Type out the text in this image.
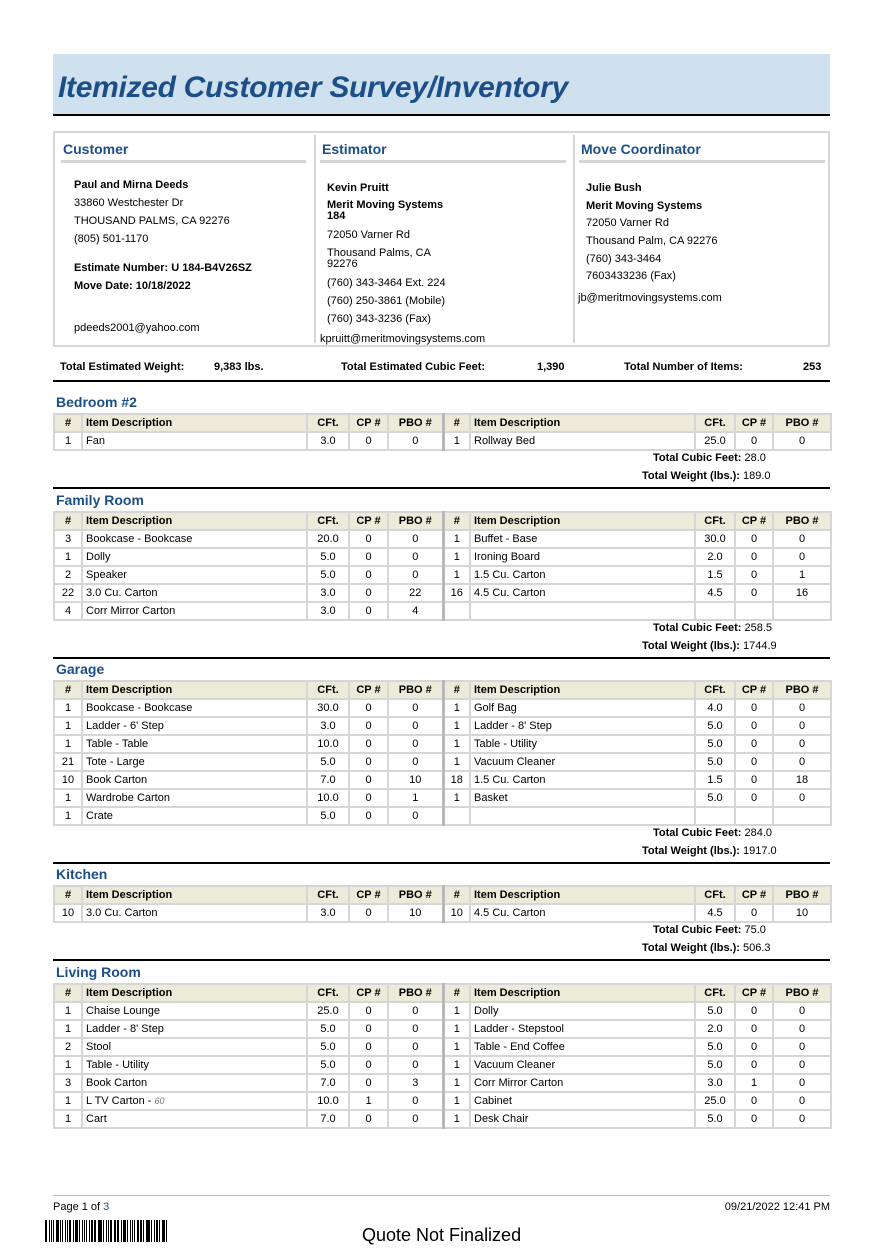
Itemized Customer Survey/Inventory
Customer
Paul and Mirna Deeds
33860 Westchester Dr
THOUSAND PALMS, CA 92276
(805) 501-1170
Estimate Number: U 184-B4V26SZ
Move Date: 10/18/2022
pdeeds2001@yahoo.com
Estimator
Kevin Pruitt
Merit Moving Systems
184
72050 Varner Rd
Thousand Palms, CA
92276
(760) 343-3464 Ext. 224
(760) 250-3861 (Mobile)
(760) 343-3236 (Fax)
kpruitt@meritmovingsystems.com
Move Coordinator
Julie Bush
Merit Moving Systems
72050 Varner Rd
Thousand Palm, CA 92276
(760) 343-3464
7603433236 (Fax)
jb@meritmovingsystems.com
Total Estimated Weight:	9,383 lbs.	Total Estimated Cubic Feet:	1,390	Total Number of Items:	253
Bedroom #2
#	Item Description	CFt.	CP #	PBO #	#	Item Description	CFt.	CP #	PBO #
1	Fan	3.0	0	0	1	Rollway Bed	25.0	0	0
Total Cubic Feet: 28.0
Total Weight (lbs.): 189.0
Family Room
#	Item Description	CFt.	CP #	PBO #	#	Item Description	CFt.	CP #	PBO #
3	Bookcase - Bookcase	20.0	0	0	1	Buffet - Base	30.0	0	0
1	Dolly	5.0	0	0	1	Ironing Board	2.0	0	0
2	Speaker	5.0	0	0	1	1.5 Cu. Carton	1.5	0	1
22	3.0 Cu. Carton	3.0	0	22	16	4.5 Cu. Carton	4.5	0	16
4	Corr Mirror Carton	3.0	0	4					
Total Cubic Feet: 258.5
Total Weight (lbs.): 1744.9
Garage
#	Item Description	CFt.	CP #	PBO #	#	Item Description	CFt.	CP #	PBO #
1	Bookcase - Bookcase	30.0	0	0	1	Golf Bag	4.0	0	0
1	Ladder - 6' Step	3.0	0	0	1	Ladder - 8' Step	5.0	0	0
1	Table - Table	10.0	0	0	1	Table - Utility	5.0	0	0
21	Tote - Large	5.0	0	0	1	Vacuum Cleaner	5.0	0	0
10	Book Carton	7.0	0	10	18	1.5 Cu. Carton	1.5	0	18
1	Wardrobe Carton	10.0	0	1	1	Basket	5.0	0	0
1	Crate	5.0	0	0					
Total Cubic Feet: 284.0
Total Weight (lbs.): 1917.0
Kitchen
#	Item Description	CFt.	CP #	PBO #	#	Item Description	CFt.	CP #	PBO #
10	3.0 Cu. Carton	3.0	0	10	10	4.5 Cu. Carton	4.5	0	10
Total Cubic Feet: 75.0
Total Weight (lbs.): 506.3
Living Room
#	Item Description	CFt.	CP #	PBO #	#	Item Description	CFt.	CP #	PBO #
1	Chaise Lounge	25.0	0	0	1	Dolly	5.0	0	0
1	Ladder - 8' Step	5.0	0	0	1	Ladder - Stepstool	2.0	0	0
2	Stool	5.0	0	0	1	Table - End Coffee	5.0	0	0
1	Table - Utility	5.0	0	0	1	Vacuum Cleaner	5.0	0	0
3	Book Carton	7.0	0	3	1	Corr Mirror Carton	3.0	1	0
1	L TV Carton - 60	10.0	1	0	1	Cabinet	25.0	0	0
1	Cart	7.0	0	0	1	Desk Chair	5.0	0	0
Page 1 of 3	09/21/2022 12:41 PM
Quote Not Finalized
